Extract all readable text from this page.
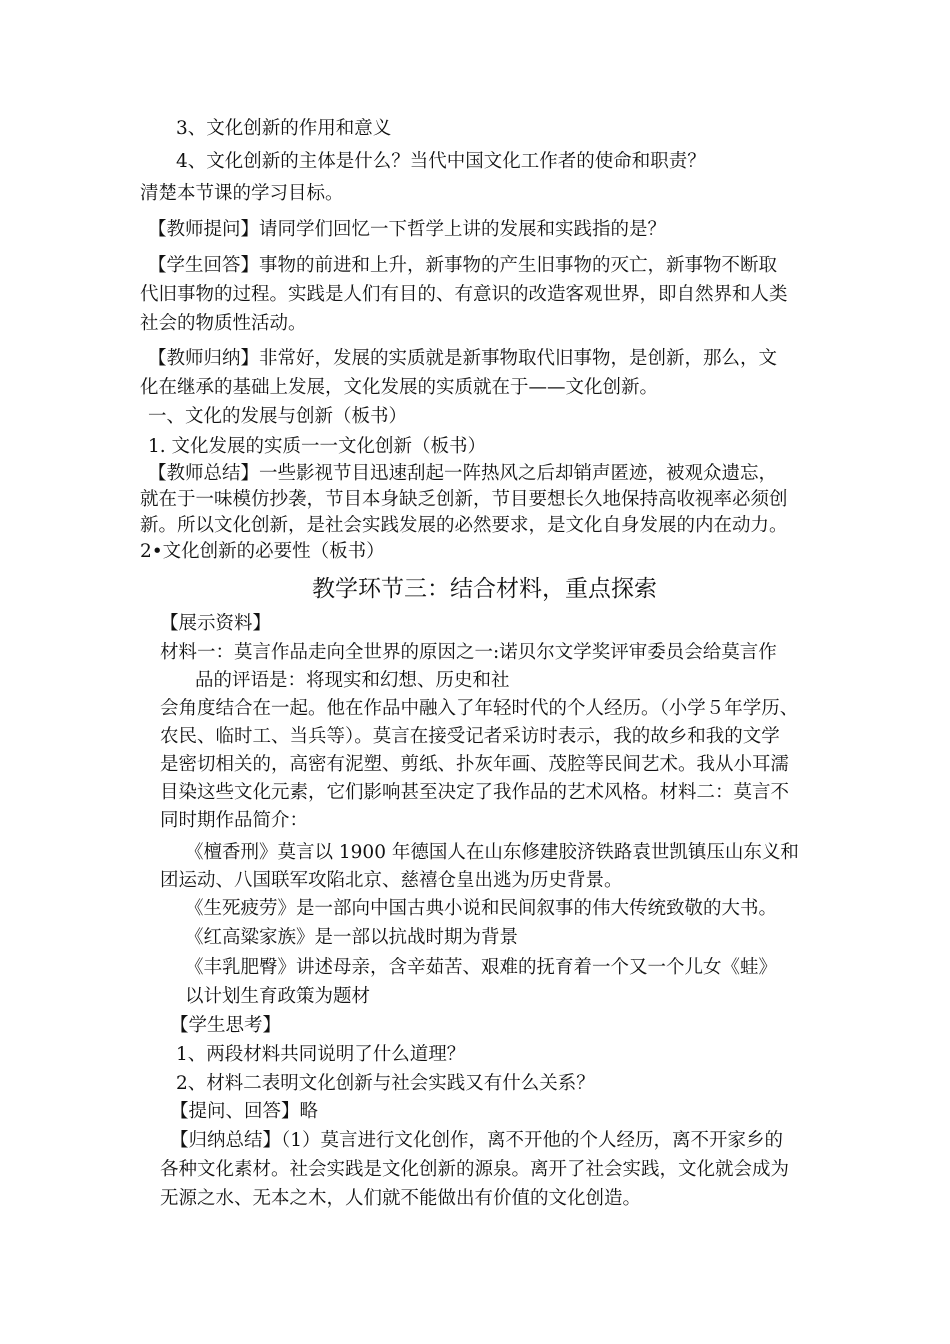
3、文化创新的作用和意义
4、文化创新的主体是什么？当代中国文化工作者的使命和职责？
清楚本节课的学习目标。
【教师提问】请同学们回忆一下哲学上讲的发展和实践指的是？
【学生回答】事物的前进和上升，新事物的产生旧事物的灭亡，新事物不断取
代旧事物的过程。实践是人们有目的、有意识的改造客观世界，即自然界和人类
社会的物质性活动。
【教师归纳】非常好，发展的实质就是新事物取代旧事物，是创新，那么，文
化在继承的基础上发展，文化发展的实质就在于——文化创新。
一、文化的发展与创新（板书）
1. 文化发展的实质一一文化创新（板书）
【教师总结】一些影视节目迅速刮起一阵热风之后却销声匿迹，被观众遗忘，
就在于一味模仿抄袭，节目本身缺乏创新，节目要想长久地保持高收视率必须创
新。所以文化创新，是社会实践发展的必然要求，是文化自身发展的内在动力。
2•文化创新的必要性（板书）
教学环节三：结合材料，重点探索
【展示资料】
材料一：莫言作品走向全世界的原因之一:诺贝尔文学奖评审委员会给莫言作
品的评语是：将现实和幻想、历史和社
会角度结合在一起。他在作品中融入了年轻时代的个人经历。（小学５年学历、
农民、临时工、当兵等）。莫言在接受记者采访时表示，我的故乡和我的文学
是密切相关的，高密有泥塑、剪纸、扑灰年画、茂腔等民间艺术。我从小耳濡
目染这些文化元素，它们影响甚至决定了我作品的艺术风格。材料二：莫言不
同时期作品简介：
《檀香刑》莫言以 1900 年德国人在山东修建胶济铁路袁世凯镇压山东义和
团运动、八国联军攻陷北京、慈禧仓皇出逃为历史背景。
《生死疲劳》是一部向中国古典小说和民间叙事的伟大传统致敬的大书。
《红高粱家族》是一部以抗战时期为背景
《丰乳肥臀》讲述母亲，含辛茹苦、艰难的抚育着一个又一个儿女《蛙》
以计划生育政策为题材
【学生思考】
1、两段材料共同说明了什么道理？
2、材料二表明文化创新与社会实践又有什么关系？
【提问、回答】略
【归纳总结】（1）莫言进行文化创作，离不开他的个人经历，离不开家乡的
各种文化素材。社会实践是文化创新的源泉。离开了社会实践，文化就会成为
无源之水、无本之木，人们就不能做出有价值的文化创造。
